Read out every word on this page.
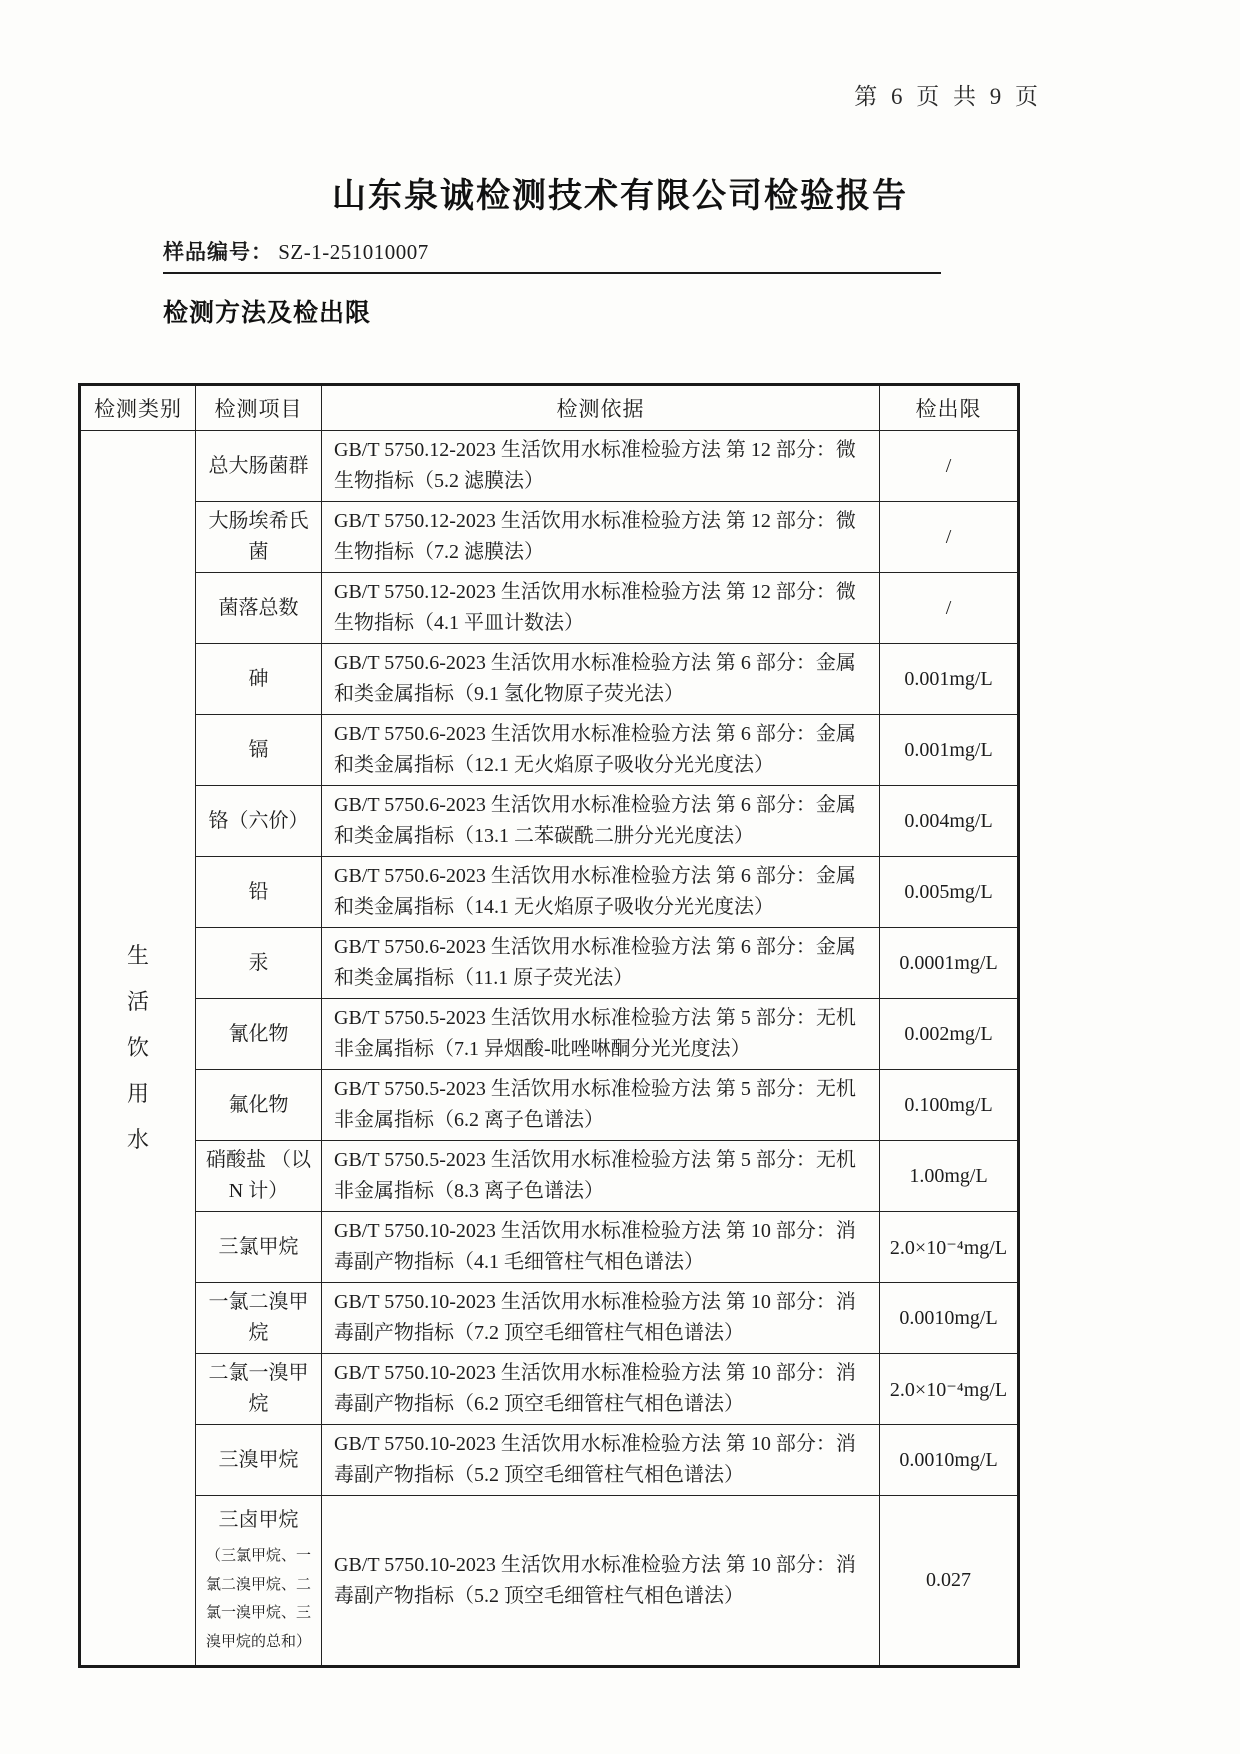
第 6 页 共 9 页
山东泉诚检测技术有限公司检验报告
样品编号： SZ-1-251010007
检测方法及检出限
检测类别	检测项目	检测依据	检出限
生活饮用水	总大肠菌群	GB/T 5750.12-2023 生活饮用水标准检验方法 第 12 部分：微生物指标（5.2 滤膜法）	/
	大肠埃希氏菌	GB/T 5750.12-2023 生活饮用水标准检验方法 第 12 部分：微生物指标（7.2 滤膜法）	/
	菌落总数	GB/T 5750.12-2023 生活饮用水标准检验方法 第 12 部分：微生物指标（4.1 平皿计数法）	/
	砷	GB/T 5750.6-2023 生活饮用水标准检验方法 第 6 部分：金属和类金属指标（9.1 氢化物原子荧光法）	0.001mg/L
	镉	GB/T 5750.6-2023 生活饮用水标准检验方法 第 6 部分：金属和类金属指标（12.1 无火焰原子吸收分光光度法）	0.001mg/L
	铬（六价）	GB/T 5750.6-2023 生活饮用水标准检验方法 第 6 部分：金属和类金属指标（13.1 二苯碳酰二肼分光光度法）	0.004mg/L
	铅	GB/T 5750.6-2023 生活饮用水标准检验方法 第 6 部分：金属和类金属指标（14.1 无火焰原子吸收分光光度法）	0.005mg/L
	汞	GB/T 5750.6-2023 生活饮用水标准检验方法 第 6 部分：金属和类金属指标（11.1 原子荧光法）	0.0001mg/L
	氰化物	GB/T 5750.5-2023 生活饮用水标准检验方法 第 5 部分：无机非金属指标（7.1 异烟酸-吡唑啉酮分光光度法）	0.002mg/L
	氟化物	GB/T 5750.5-2023 生活饮用水标准检验方法 第 5 部分：无机非金属指标（6.2 离子色谱法）	0.100mg/L
	硝酸盐 （以 N 计）	GB/T 5750.5-2023 生活饮用水标准检验方法 第 5 部分：无机非金属指标（8.3 离子色谱法）	1.00mg/L
	三氯甲烷	GB/T 5750.10-2023 生活饮用水标准检验方法 第 10 部分：消毒副产物指标（4.1 毛细管柱气相色谱法）	2.0×10⁻⁴mg/L
	一氯二溴甲烷	GB/T 5750.10-2023 生活饮用水标准检验方法 第 10 部分：消毒副产物指标（7.2 顶空毛细管柱气相色谱法）	0.0010mg/L
	二氯一溴甲烷	GB/T 5750.10-2023 生活饮用水标准检验方法 第 10 部分：消毒副产物指标（6.2 顶空毛细管柱气相色谱法）	2.0×10⁻⁴mg/L
	三溴甲烷	GB/T 5750.10-2023 生活饮用水标准检验方法 第 10 部分：消毒副产物指标（5.2 顶空毛细管柱气相色谱法）	0.0010mg/L
	三卤甲烷
（三氯甲烷、一氯二溴甲烷、二氯一溴甲烷、三溴甲烷的总和）	GB/T 5750.10-2023 生活饮用水标准检验方法 第 10 部分：消毒副产物指标（5.2 顶空毛细管柱气相色谱法）	0.027
